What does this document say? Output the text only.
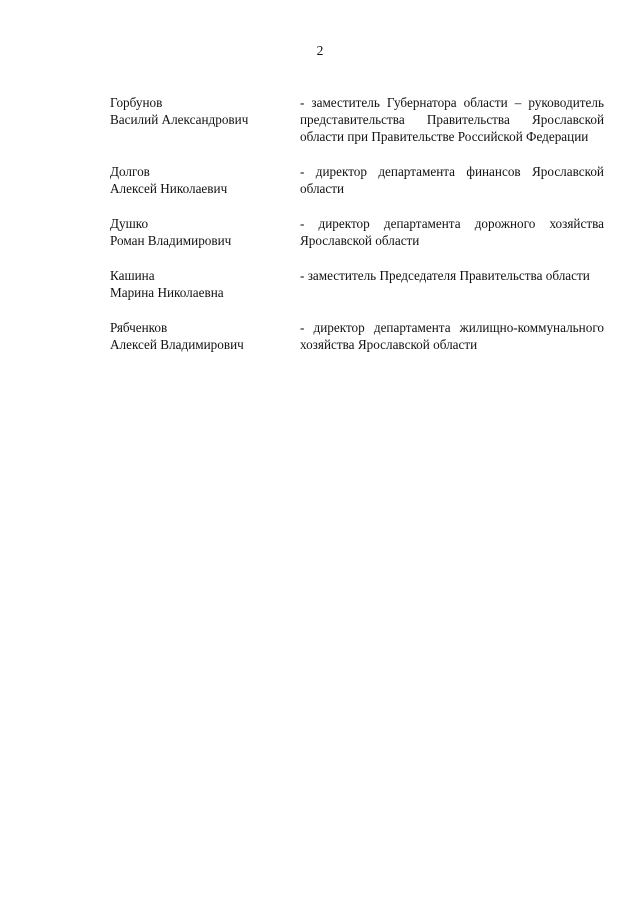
2
Горбунов
Василий Александрович
- заместитель Губернатора области – руководитель представительства Правительства Ярославской области при Правительстве Российской Федерации
Долгов
Алексей Николаевич
- директор департамента финансов Ярославской области
Душко
Роман Владимирович
- директор департамента дорожного хозяйства Ярославской области
Кашина
Марина Николаевна
- заместитель Председателя Правительства области
Рябченков
Алексей Владимирович
- директор департамента жилищно-коммунального хозяйства Ярославской области
